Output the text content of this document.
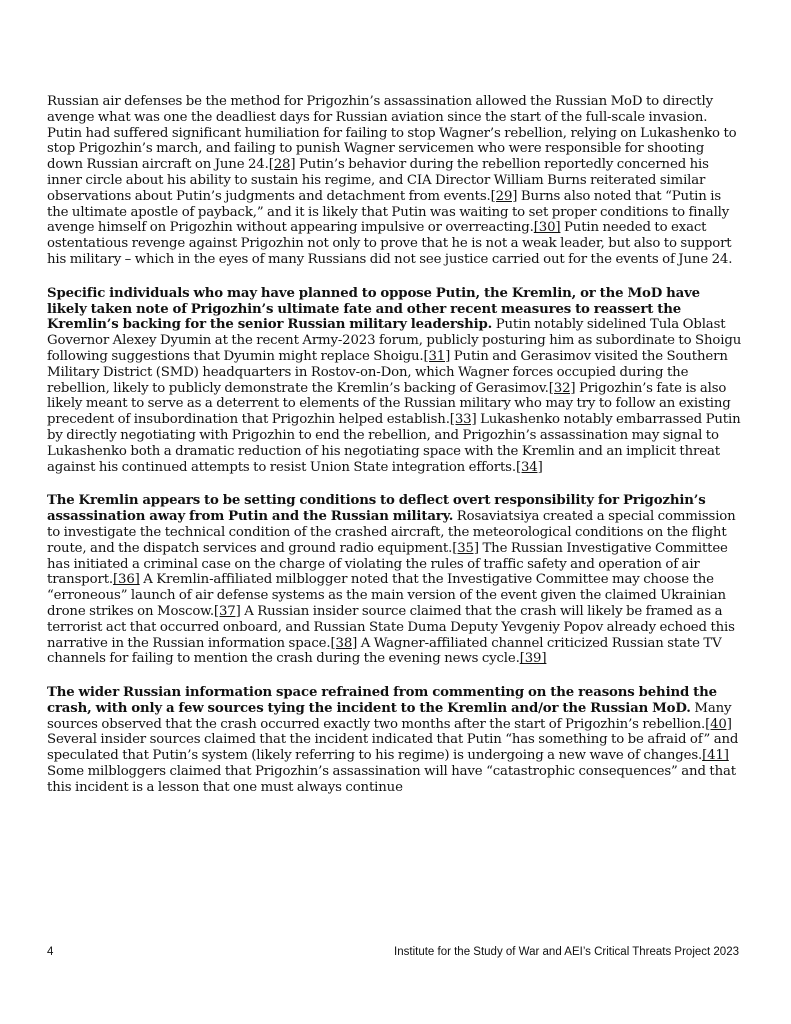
Russian air defenses be the method for Prigozhin’s assassination allowed the Russian MoD to directly avenge what was one the deadliest days for Russian aviation since the start of the full-scale invasion. Putin had suffered significant humiliation for failing to stop Wagner’s rebellion, relying on Lukashenko to stop Prigozhin’s march, and failing to punish Wagner servicemen who were responsible for shooting down Russian aircraft on June 24.[28] Putin’s behavior during the rebellion reportedly concerned his inner circle about his ability to sustain his regime, and CIA Director William Burns reiterated similar observations about Putin’s judgments and detachment from events.[29] Burns also noted that “Putin is the ultimate apostle of payback,” and it is likely that Putin was waiting to set proper conditions to finally avenge himself on Prigozhin without appearing impulsive or overreacting.[30] Putin needed to exact ostentatious revenge against Prigozhin not only to prove that he is not a weak leader, but also to support his military – which in the eyes of many Russians did not see justice carried out for the events of June 24.

Specific individuals who may have planned to oppose Putin, the Kremlin, or the MoD have likely taken note of Prigozhin’s ultimate fate and other recent measures to reassert the Kremlin’s backing for the senior Russian military leadership. Putin notably sidelined Tula Oblast Governor Alexey Dyumin at the recent Army-2023 forum, publicly posturing him as subordinate to Shoigu following suggestions that Dyumin might replace Shoigu.[31] Putin and Gerasimov visited the Southern Military District (SMD) headquarters in Rostov-on-Don, which Wagner forces occupied during the rebellion, likely to publicly demonstrate the Kremlin’s backing of Gerasimov.[32] Prigozhin’s fate is also likely meant to serve as a deterrent to elements of the Russian military who may try to follow an existing precedent of insubordination that Prigozhin helped establish.[33] Lukashenko notably embarrassed Putin by directly negotiating with Prigozhin to end the rebellion, and Prigozhin’s assassination may signal to Lukashenko both a dramatic reduction of his negotiating space with the Kremlin and an implicit threat against his continued attempts to resist Union State integration efforts.[34]

The Kremlin appears to be setting conditions to deflect overt responsibility for Prigozhin’s assassination away from Putin and the Russian military. Rosaviatsiya created a special commission to investigate the technical condition of the crashed aircraft, the meteorological conditions on the flight route, and the dispatch services and ground radio equipment.[35] The Russian Investigative Committee has initiated a criminal case on the charge of violating the rules of traffic safety and operation of air transport.[36] A Kremlin-affiliated milblogger noted that the Investigative Committee may choose the “erroneous” launch of air defense systems as the main version of the event given the claimed Ukrainian drone strikes on Moscow.[37] A Russian insider source claimed that the crash will likely be framed as a terrorist act that occurred onboard, and Russian State Duma Deputy Yevgeniy Popov already echoed this narrative in the Russian information space.[38] A Wagner-affiliated channel criticized Russian state TV channels for failing to mention the crash during the evening news cycle.[39]

The wider Russian information space refrained from commenting on the reasons behind the crash, with only a few sources tying the incident to the Kremlin and/or the Russian MoD. Many sources observed that the crash occurred exactly two months after the start of Prigozhin’s rebellion.[40] Several insider sources claimed that the incident indicated that Putin “has something to be afraid of” and speculated that Putin’s system (likely referring to his regime) is undergoing a new wave of changes.[41] Some milbloggers claimed that Prigozhin’s assassination will have “catastrophic consequences” and that this incident is a lesson that one must always continue

4	Institute for the Study of War and AEI’s Critical Threats Project 2023
